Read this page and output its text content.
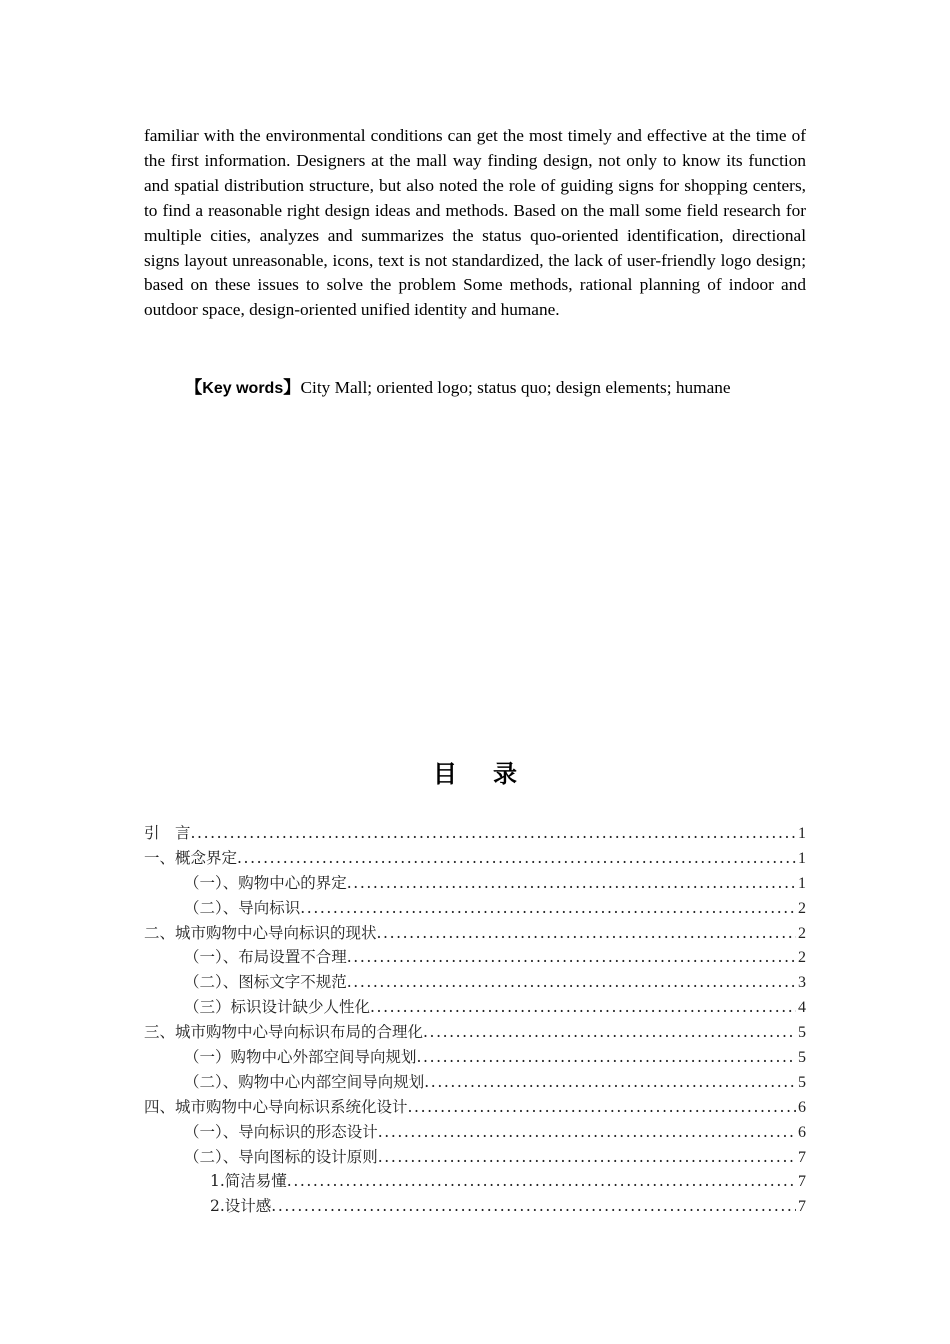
familiar with the environmental conditions can get the most timely and effective at the time of the first information. Designers at the mall way finding design, not only to know its function and spatial distribution structure, but also noted the role of guiding signs for shopping centers, to find a reasonable right design ideas and methods. Based on the mall some field research for multiple cities, analyzes and summarizes the status quo-oriented identification, directional signs layout unreasonable, icons, text is not standardized, the lack of user-friendly logo design; based on these issues to solve the problem Some methods, rational planning of indoor and outdoor space, design-oriented unified identity and humane.

【Key words】City Mall; oriented logo; status quo; design elements; humane
目录
引　言 .....	1
一、概念界定 .....	1
（一）、购物中心的界定 .....	1
（二）、导向标识 .....	2
二、城市购物中心导向标识的现状 .....	2
（一）、布局设置不合理 .....	2
（二）、图标文字不规范 .....	3
（三）标识设计缺少人性化 .....	4
三、城市购物中心导向标识布局的合理化 .....	5
（一）购物中心外部空间导向规划 .....	5
（二）、购物中心内部空间导向规划 .....	5
四、城市购物中心导向标识系统化设计 .....	6
（一）、导向标识的形态设计 .....	6
（二）、导向图标的设计原则 .....	7
1.简洁易懂 .....	7
2.设计感 .....	7
